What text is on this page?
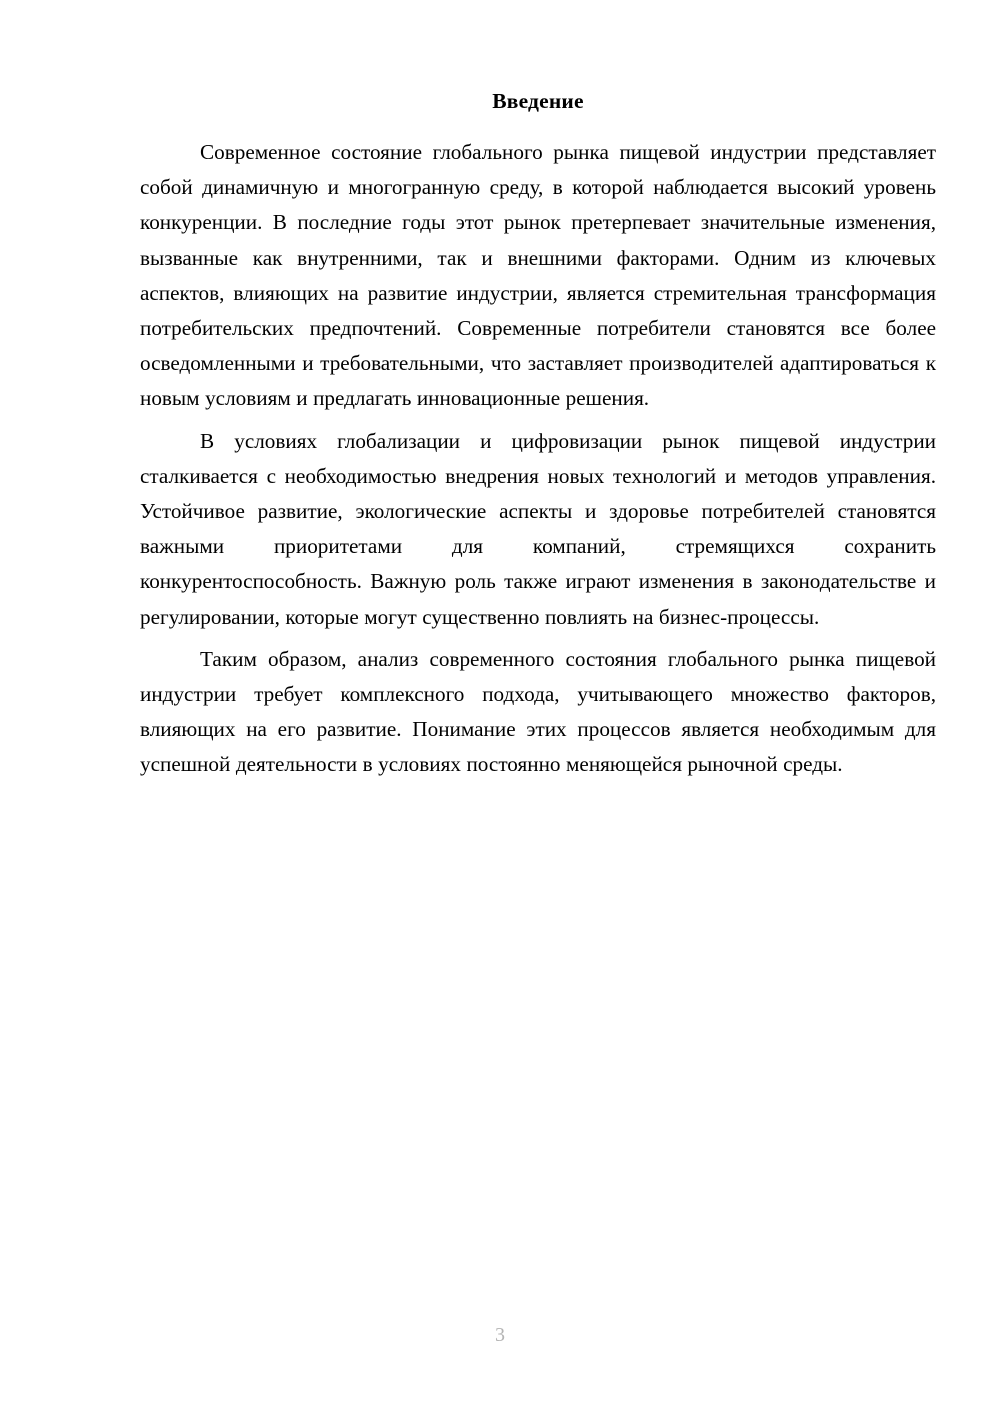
Введение

Современное состояние глобального рынка пищевой индустрии представляет собой динамичную и многогранную среду, в которой наблюдается высокий уровень конкуренции. В последние годы этот рынок претерпевает значительные изменения, вызванные как внутренними, так и внешними факторами. Одним из ключевых аспектов, влияющих на развитие индустрии, является стремительная трансформация потребительских предпочтений. Современные потребители становятся все более осведомленными и требовательными, что заставляет производителей адаптироваться к новым условиям и предлагать инновационные решения.

В условиях глобализации и цифровизации рынок пищевой индустрии сталкивается с необходимостью внедрения новых технологий и методов управления. Устойчивое развитие, экологические аспекты и здоровье потребителей становятся важными приоритетами для компаний, стремящихся сохранить конкурентоспособность. Важную роль также играют изменения в законодательстве и регулировании, которые могут существенно повлиять на бизнес-процессы.

Таким образом, анализ современного состояния глобального рынка пищевой индустрии требует комплексного подхода, учитывающего множество факторов, влияющих на его развитие. Понимание этих процессов является необходимым для успешной деятельности в условиях постоянно меняющейся рыночной среды.

3
